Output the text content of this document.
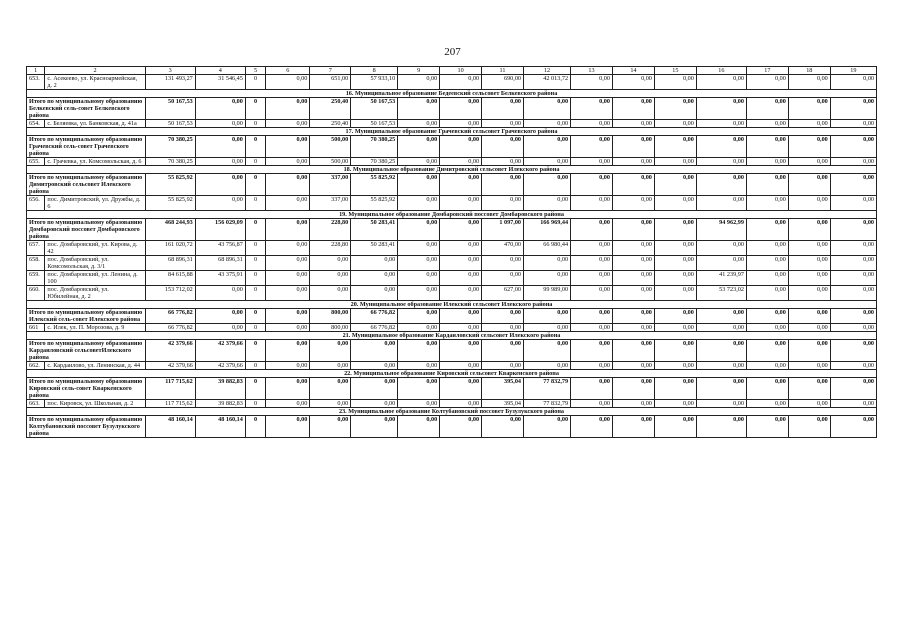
207
1	2	3	4	5	6	7	8	9	10	11	12	13	14	15	16	17	18	19
653.	с. Асекеево, ул. Красноармейская, д. 2	131 493,27	31 546,45	0	0,00	651,00	57 933,10	0,00	0,00	690,00	42 013,72	0,00	0,00	0,00	0,00	0,00	0,00	0,00
16. Муниципальное образование Бедеевский сельсовет Белкевского района																		
Итого по муниципальному образованию Белкевский сель-совет Белкевского района		50 167,53	0,00	0	0,00	250,40	50 167,53	0,00	0,00	0,00	0,00	0,00	0,00	0,00	0,00	0,00	0,00	0,00
654.	с. Беляевка, ул. Банковская, д. 41а	50 167,53	0,00	0	0,00	250,40	50 167,53	0,00	0,00	0,00	0,00	0,00	0,00	0,00	0,00	0,00	0,00	0,00
17. Муниципальное образование Грачевский сельсовет Грачевского района																		
Итого по муниципальному образованию Грачевский сель-совет Грачевского района		70 380,25	0,00	0	0,00	500,00	70 380,25	0,00	0,00	0,00	0,00	0,00	0,00	0,00	0,00	0,00	0,00	0,00
655.	с. Грачевка, ул. Комсомольская, д. 6	70 380,25	0,00	0	0,00	500,00	70 380,25	0,00	0,00	0,00	0,00	0,00	0,00	0,00	0,00	0,00	0,00	0,00
18. Муниципальное образование Димитровский сельсовет Илекского района																		
Итого по муниципальному образованию Димитровский сельсовет Илекского района		55 825,92	0,00	0	0,00	337,00	55 825,92	0,00	0,00	0,00	0,00	0,00	0,00	0,00	0,00	0,00	0,00	0,00
656.	пос. Димитровский, ул. Дружбы, д. 6	55 825,92	0,00	0	0,00	337,00	55 825,92	0,00	0,00	0,00	0,00	0,00	0,00	0,00	0,00	0,00	0,00	0,00
19. Муниципальное образование Домбаровский поссовет Домбаровского района																		
Итого по муниципальному образованию Домбаровский поссовет Домбаровского района		468 244,93	156 029,09	0	0,00	228,80	50 283,41	0,00	0,00	1 097,00	166 969,44	0,00	0,00	0,00	94 962,99	0,00	0,00	0,00
657.	пос. Домбаровский, ул. Кирова, д. 42	161 020,72	43 756,87	0	0,00	228,80	50 283,41	0,00	0,00	470,00	66 980,44	0,00	0,00	0,00	0,00	0,00	0,00	0,00
658.	пос. Домбаровский, ул. Комсомольская, д. 3/1	68 896,31	68 896,31	0	0,00	0,00	0,00	0,00	0,00	0,00	0,00	0,00	0,00	0,00	0,00	0,00	0,00	0,00
659.	пос. Домбаровский, ул. Ленина, д. 100	84 615,88	43 375,91	0	0,00	0,00	0,00	0,00	0,00	0,00	0,00	0,00	0,00	0,00	41 239,97	0,00	0,00	0,00
660.	пос. Домбаровский, ул. Юбилейная, д. 2	153 712,02	0,00	0	0,00	0,00	0,00	0,00	0,00	627,00	99 989,00	0,00	0,00	0,00	53 723,02	0,00	0,00	0,00
20. Муниципальное образование Илекский сельсовет Илекского района																		
Итого по муниципальному образованию Илекский сель-совет Илекского района		66 776,82	0,00	0	0,00	800,00	66 776,82	0,00	0,00	0,00	0,00	0,00	0,00	0,00	0,00	0,00	0,00	0,00
661	с. Илек, ул. П. Морозова, д. 9	66 776,82	0,00	0	0,00	800,00	66 776,82	0,00	0,00	0,00	0,00	0,00	0,00	0,00	0,00	0,00	0,00	0,00
21. Муниципальное образование Кардаиловский сельсовет Илекского района																		
Итого по муниципальному образованию Кардаиловский сельсоветИлекского района		42 379,66	42 379,66	0	0,00	0,00	0,00	0,00	0,00	0,00	0,00	0,00	0,00	0,00	0,00	0,00	0,00	0,00
662.	с. Кардаилово, ул. Ленинская, д. 44	42 379,66	42 379,66	0	0,00	0,00	0,00	0,00	0,00	0,00	0,00	0,00	0,00	0,00	0,00	0,00	0,00	0,00
22. Муниципальное образование Кировский сельсовет Кваркенского района																		
Итого по муниципальному образованию Кировский сель-совет Кваркенского района		117 715,62	39 882,83	0	0,00	0,00	0,00	0,00	0,00	395,04	77 832,79	0,00	0,00	0,00	0,00	0,00	0,00	0,00
663.	пос. Кировск, ул. Школьная, д. 2	117 715,62	39 882,83	0	0,00	0,00	0,00	0,00	0,00	395,04	77 832,79	0,00	0,00	0,00	0,00	0,00	0,00	0,00
23. Муниципальное образование Колтубановский поссовет Бузулукского района																		
Итого по муниципальному образованию Колтубановский поссовет Бузулукского района		48 160,14	48 160,14	0	0,00	0,00	0,00	0,00	0,00	0,00	0,00	0,00	0,00	0,00	0,00	0,00	0,00	0,00
